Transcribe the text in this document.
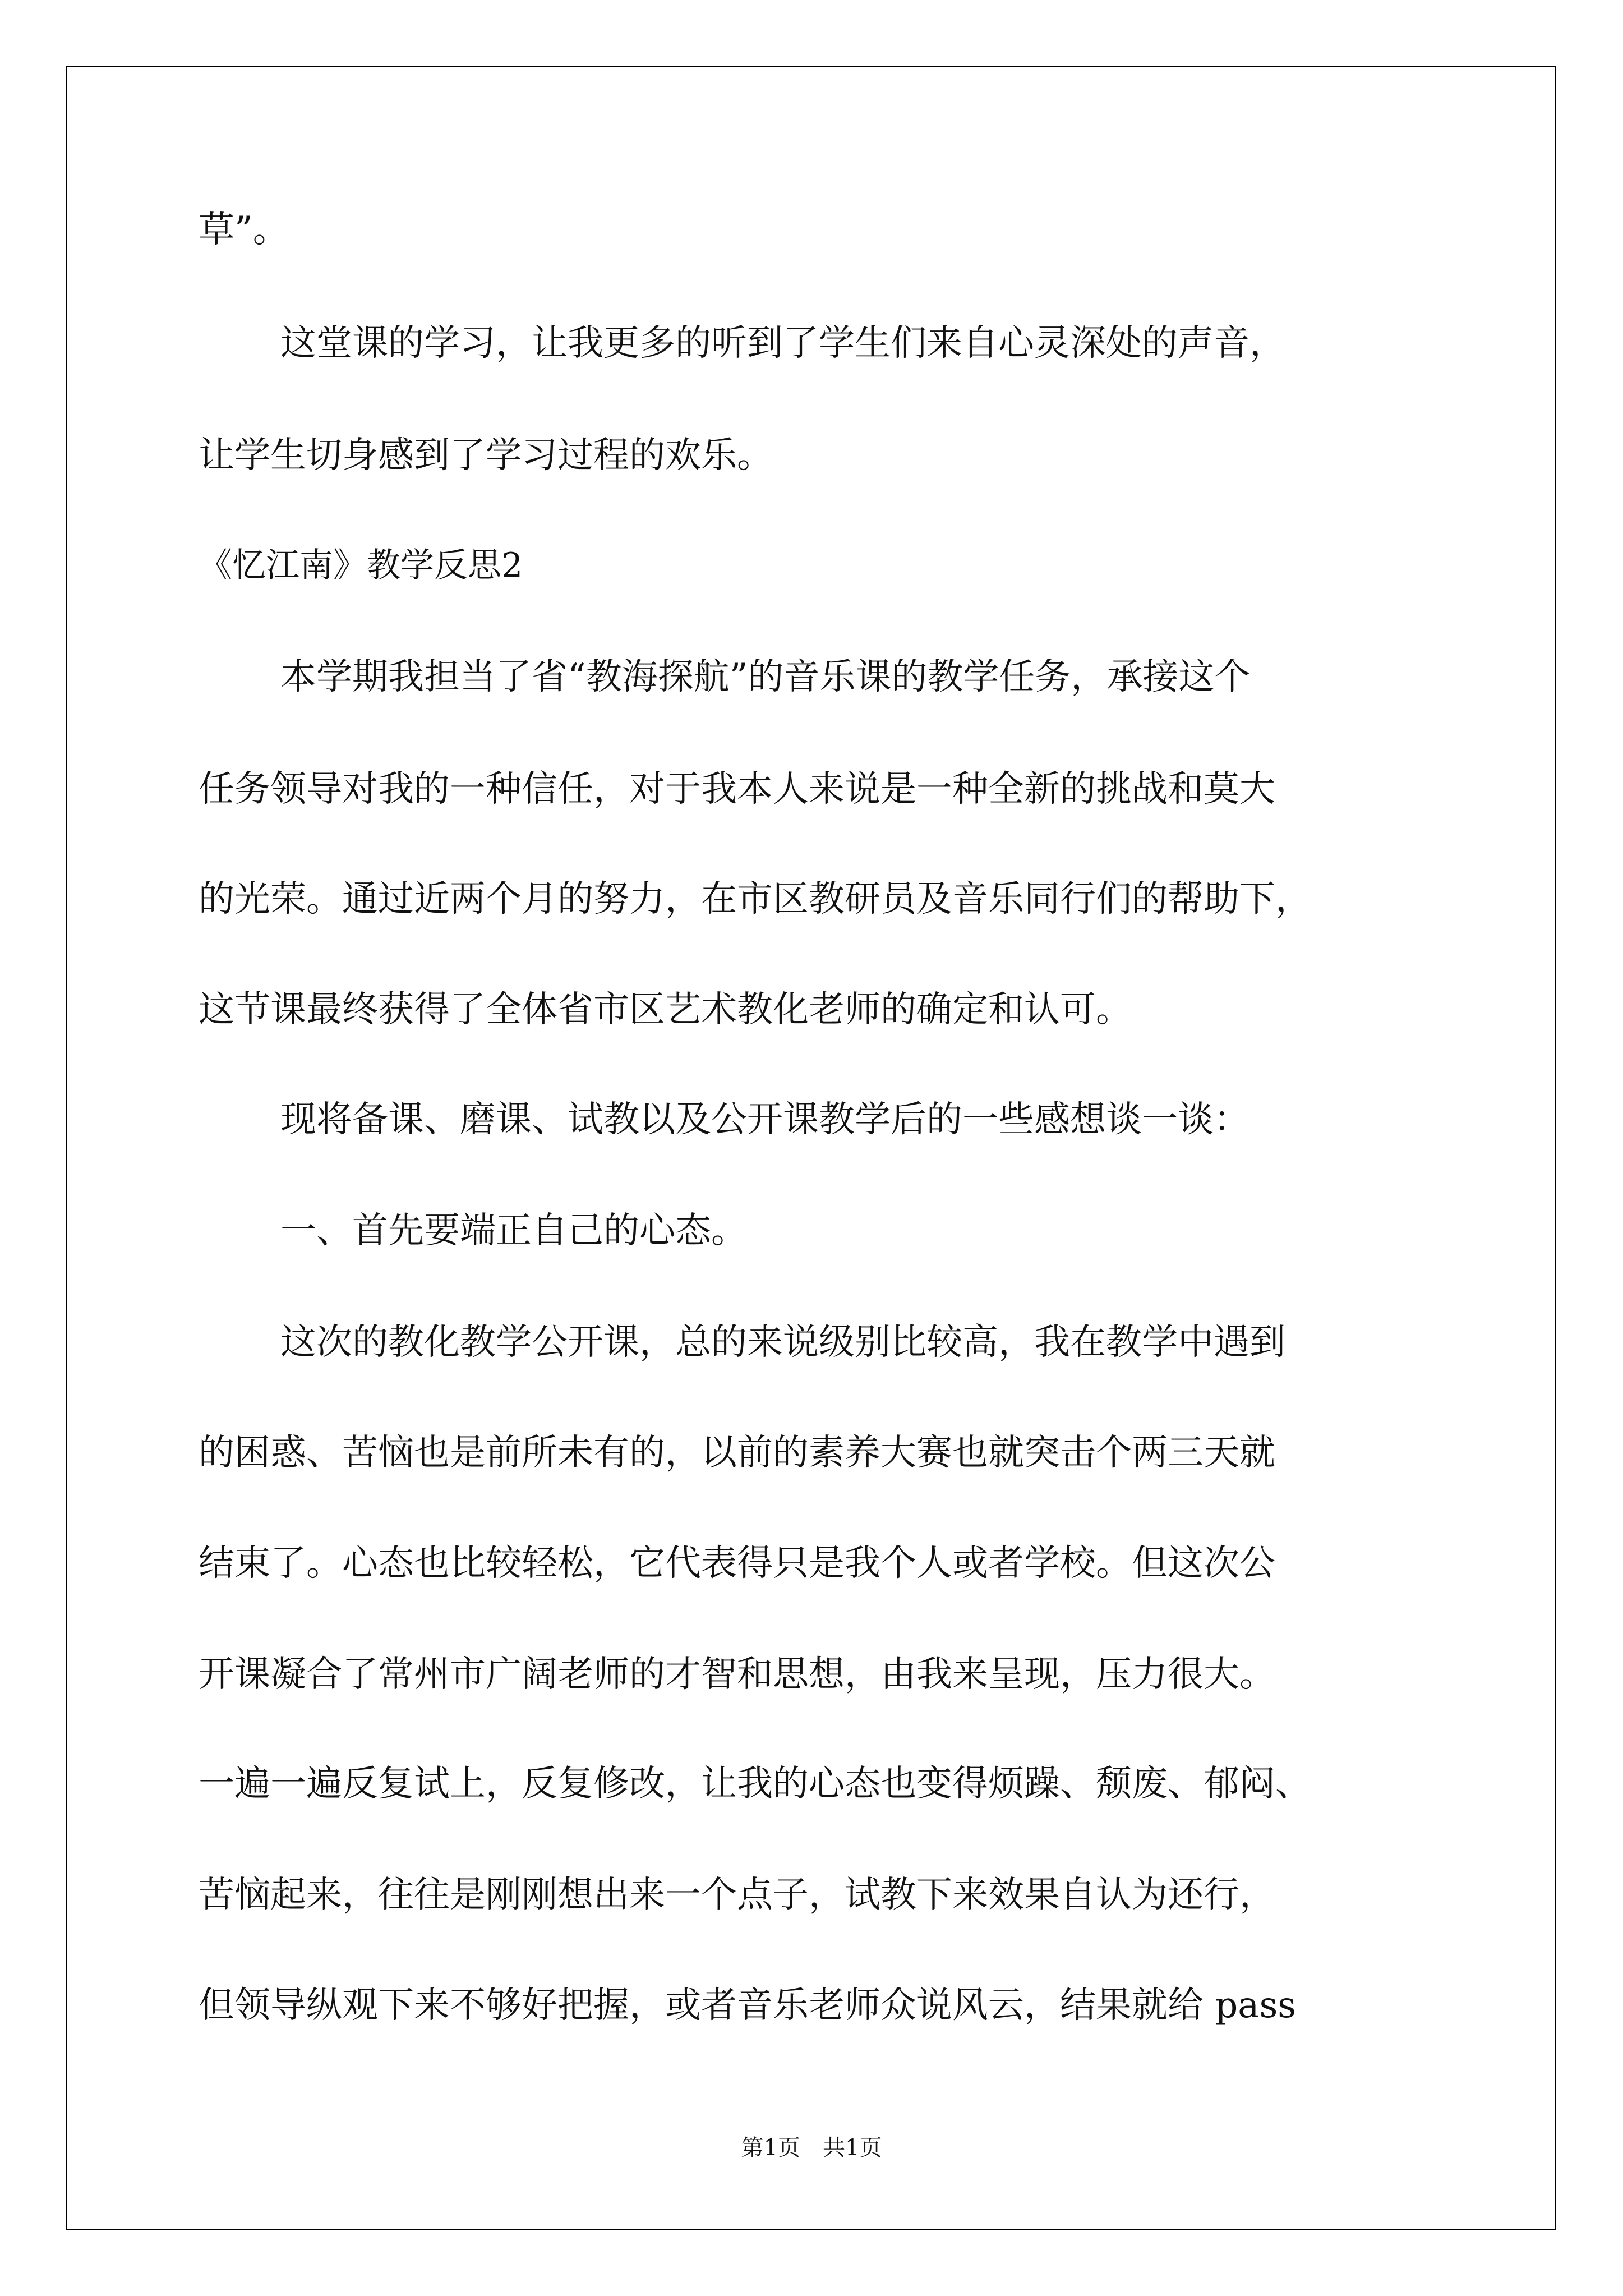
草”。
这堂课的学习，让我更多的听到了学生们来自心灵深处的声音，
让学生切身感到了学习过程的欢乐。
《忆江南》教学反思2
本学期我担当了省“教海探航”的音乐课的教学任务，承接这个
任务领导对我的一种信任，对于我本人来说是一种全新的挑战和莫大
的光荣。通过近两个月的努力，在市区教研员及音乐同行们的帮助下，
这节课最终获得了全体省市区艺术教化老师的确定和认可。
现将备课、磨课、试教以及公开课教学后的一些感想谈一谈：
一、首先要端正自己的心态。
这次的教化教学公开课，总的来说级别比较高，我在教学中遇到
的困惑、苦恼也是前所未有的，以前的素养大赛也就突击个两三天就
结束了。心态也比较轻松，它代表得只是我个人或者学校。但这次公
开课凝合了常州市广阔老师的才智和思想，由我来呈现，压力很大。
一遍一遍反复试上，反复修改，让我的心态也变得烦躁、颓废、郁闷、
苦恼起来，往往是刚刚想出来一个点子，试教下来效果自认为还行，
但领导纵观下来不够好把握，或者音乐老师众说风云，结果就给 pass
第1页　共1页
